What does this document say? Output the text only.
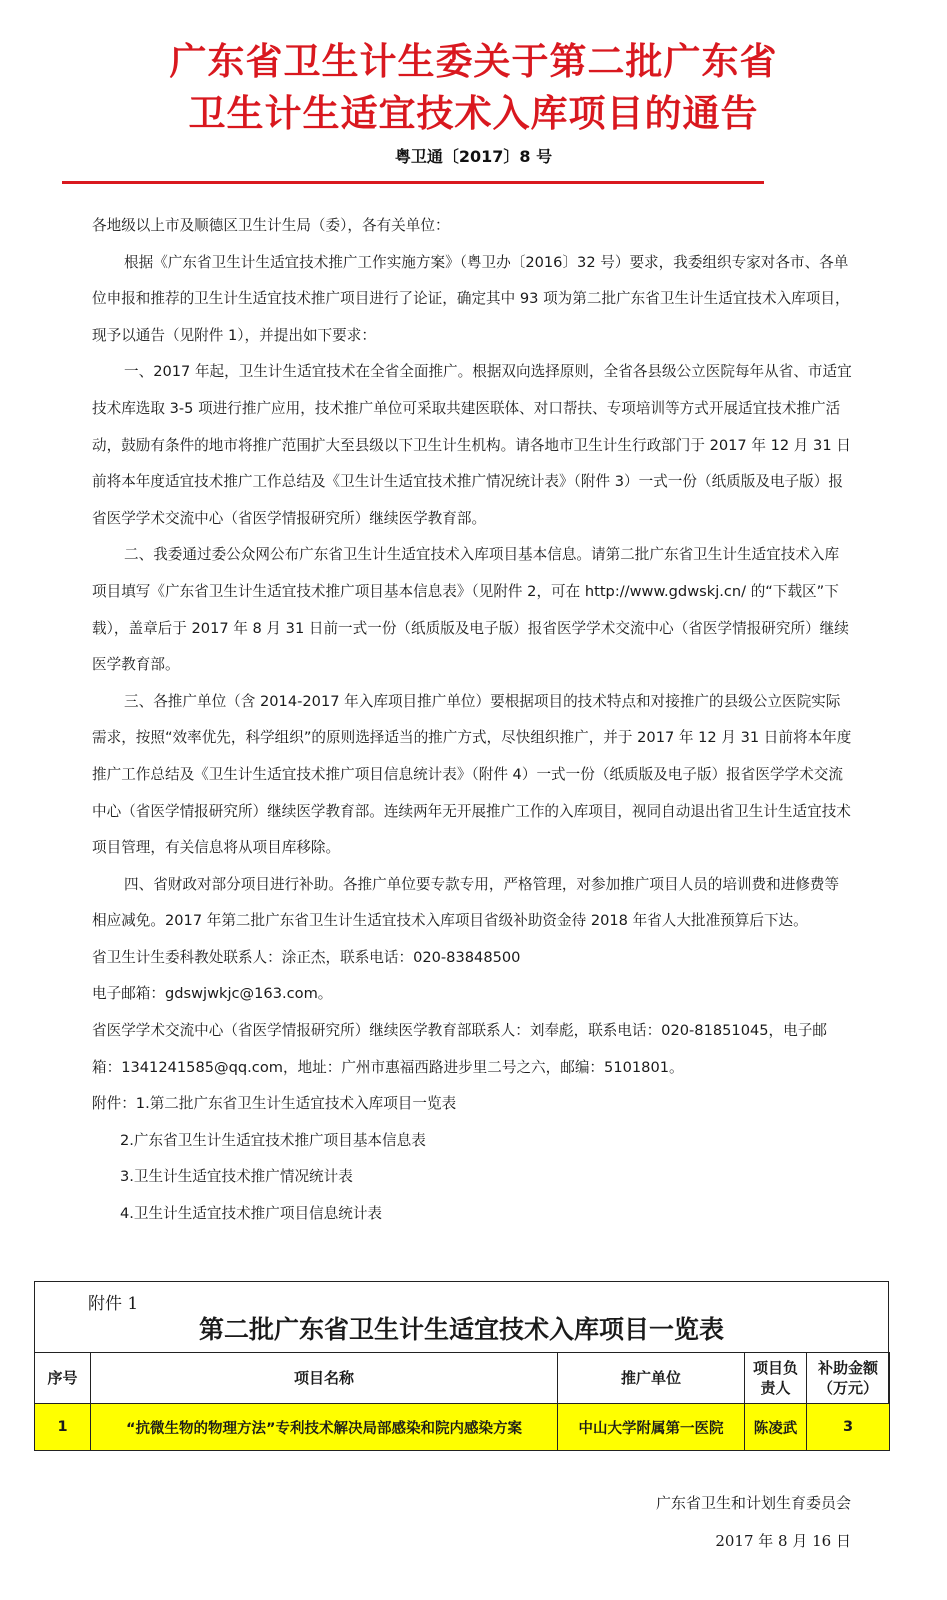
广东省卫生计生委关于第二批广东省
卫生计生适宜技术入库项目的通告
粤卫通〔2017〕8 号

各地级以上市及顺德区卫生计生局（委），各有关单位：

根据《广东省卫生计生适宜技术推广工作实施方案》（粤卫办〔2016〕32 号）要求，我委组织专家对各市、各单位申报和推荐的卫生计生适宜技术推广项目进行了论证，确定其中 93 项为第二批广东省卫生计生适宜技术入库项目，现予以通告（见附件 1），并提出如下要求：

一、2017 年起，卫生计生适宜技术在全省全面推广。根据双向选择原则，全省各县级公立医院每年从省、市适宜技术库选取 3-5 项进行推广应用，技术推广单位可采取共建医联体、对口帮扶、专项培训等方式开展适宜技术推广活动，鼓励有条件的地市将推广范围扩大至县级以下卫生计生机构。请各地市卫生计生行政部门于 2017 年 12 月 31 日前将本年度适宜技术推广工作总结及《卫生计生适宜技术推广情况统计表》（附件 3）一式一份（纸质版及电子版）报省医学学术交流中心（省医学情报研究所）继续医学教育部。

二、我委通过委公众网公布广东省卫生计生适宜技术入库项目基本信息。请第二批广东省卫生计生适宜技术入库项目填写《广东省卫生计生适宜技术推广项目基本信息表》（见附件 2，可在 http://www.gdwskj.cn/ 的“下载区”下载），盖章后于 2017 年 8 月 31 日前一式一份（纸质版及电子版）报省医学学术交流中心（省医学情报研究所）继续医学教育部。

三、各推广单位（含 2014-2017 年入库项目推广单位）要根据项目的技术特点和对接推广的县级公立医院实际需求，按照“效率优先，科学组织”的原则选择适当的推广方式，尽快组织推广，并于 2017 年 12 月 31 日前将本年度推广工作总结及《卫生计生适宜技术推广项目信息统计表》（附件 4）一式一份（纸质版及电子版）报省医学学术交流中心（省医学情报研究所）继续医学教育部。连续两年无开展推广工作的入库项目，视同自动退出省卫生计生适宜技术项目管理，有关信息将从项目库移除。

四、省财政对部分项目进行补助。各推广单位要专款专用，严格管理，对参加推广项目人员的培训费和进修费等相应减免。2017 年第二批广东省卫生计生适宜技术入库项目省级补助资金待 2018 年省人大批准预算后下达。

省卫生计生委科教处联系人：涂正杰，联系电话：020-83848500

电子邮箱：gdswjwkjc@163.com。

省医学学术交流中心（省医学情报研究所）继续医学教育部联系人：刘奉彪，联系电话：020-81851045，电子邮箱：1341241585@qq.com，地址：广州市惠福西路进步里二号之六，邮编：5101801。

附件：1.第二批广东省卫生计生适宜技术入库项目一览表

2.广东省卫生计生适宜技术推广项目基本信息表

3.卫生计生适宜技术推广情况统计表

4.卫生计生适宜技术推广项目信息统计表

附件 1
第二批广东省卫生计生适宜技术入库项目一览表
序号	项目名称	推广单位	项目负责人	补助金额（万元）
1	“抗微生物的物理方法”专利技术解决局部感染和院内感染方案	中山大学附属第一医院	陈凌武	3
广东省卫生和计划生育委员会
2017 年 8 月 16 日
